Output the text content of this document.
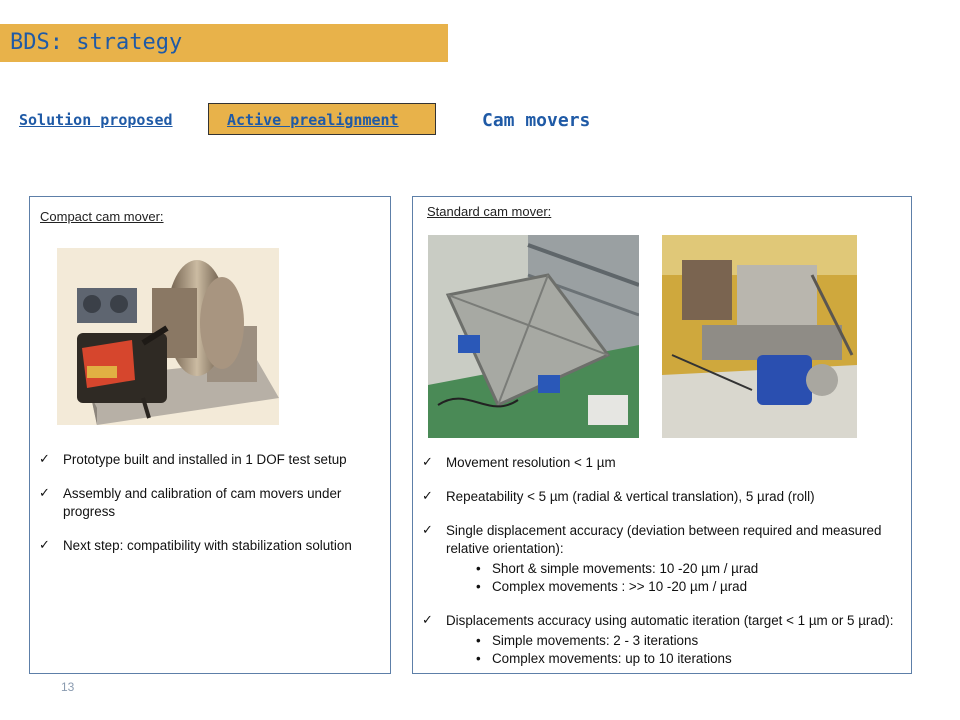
BDS: strategy
Solution proposed	Active prealignment	Cam movers
Compact cam mover:
✓ Prototype built and installed in 1 DOF test setup
✓ Assembly and calibration of cam movers under progress
✓ Next step: compatibility with stabilization solution
Standard cam mover:
✓ Movement resolution < 1 µm
✓ Repeatability < 5 µm (radial & vertical translation), 5 µrad (roll)
✓ Single displacement accuracy (deviation between required and measured relative orientation):
• Short & simple movements: 10 -20 µm / µrad
• Complex movements : >> 10 -20 µm / µrad
✓ Displacements accuracy using automatic iteration (target < 1 µm or 5 µrad):
• Simple movements: 2 - 3 iterations
• Complex movements: up to 10 iterations
13
